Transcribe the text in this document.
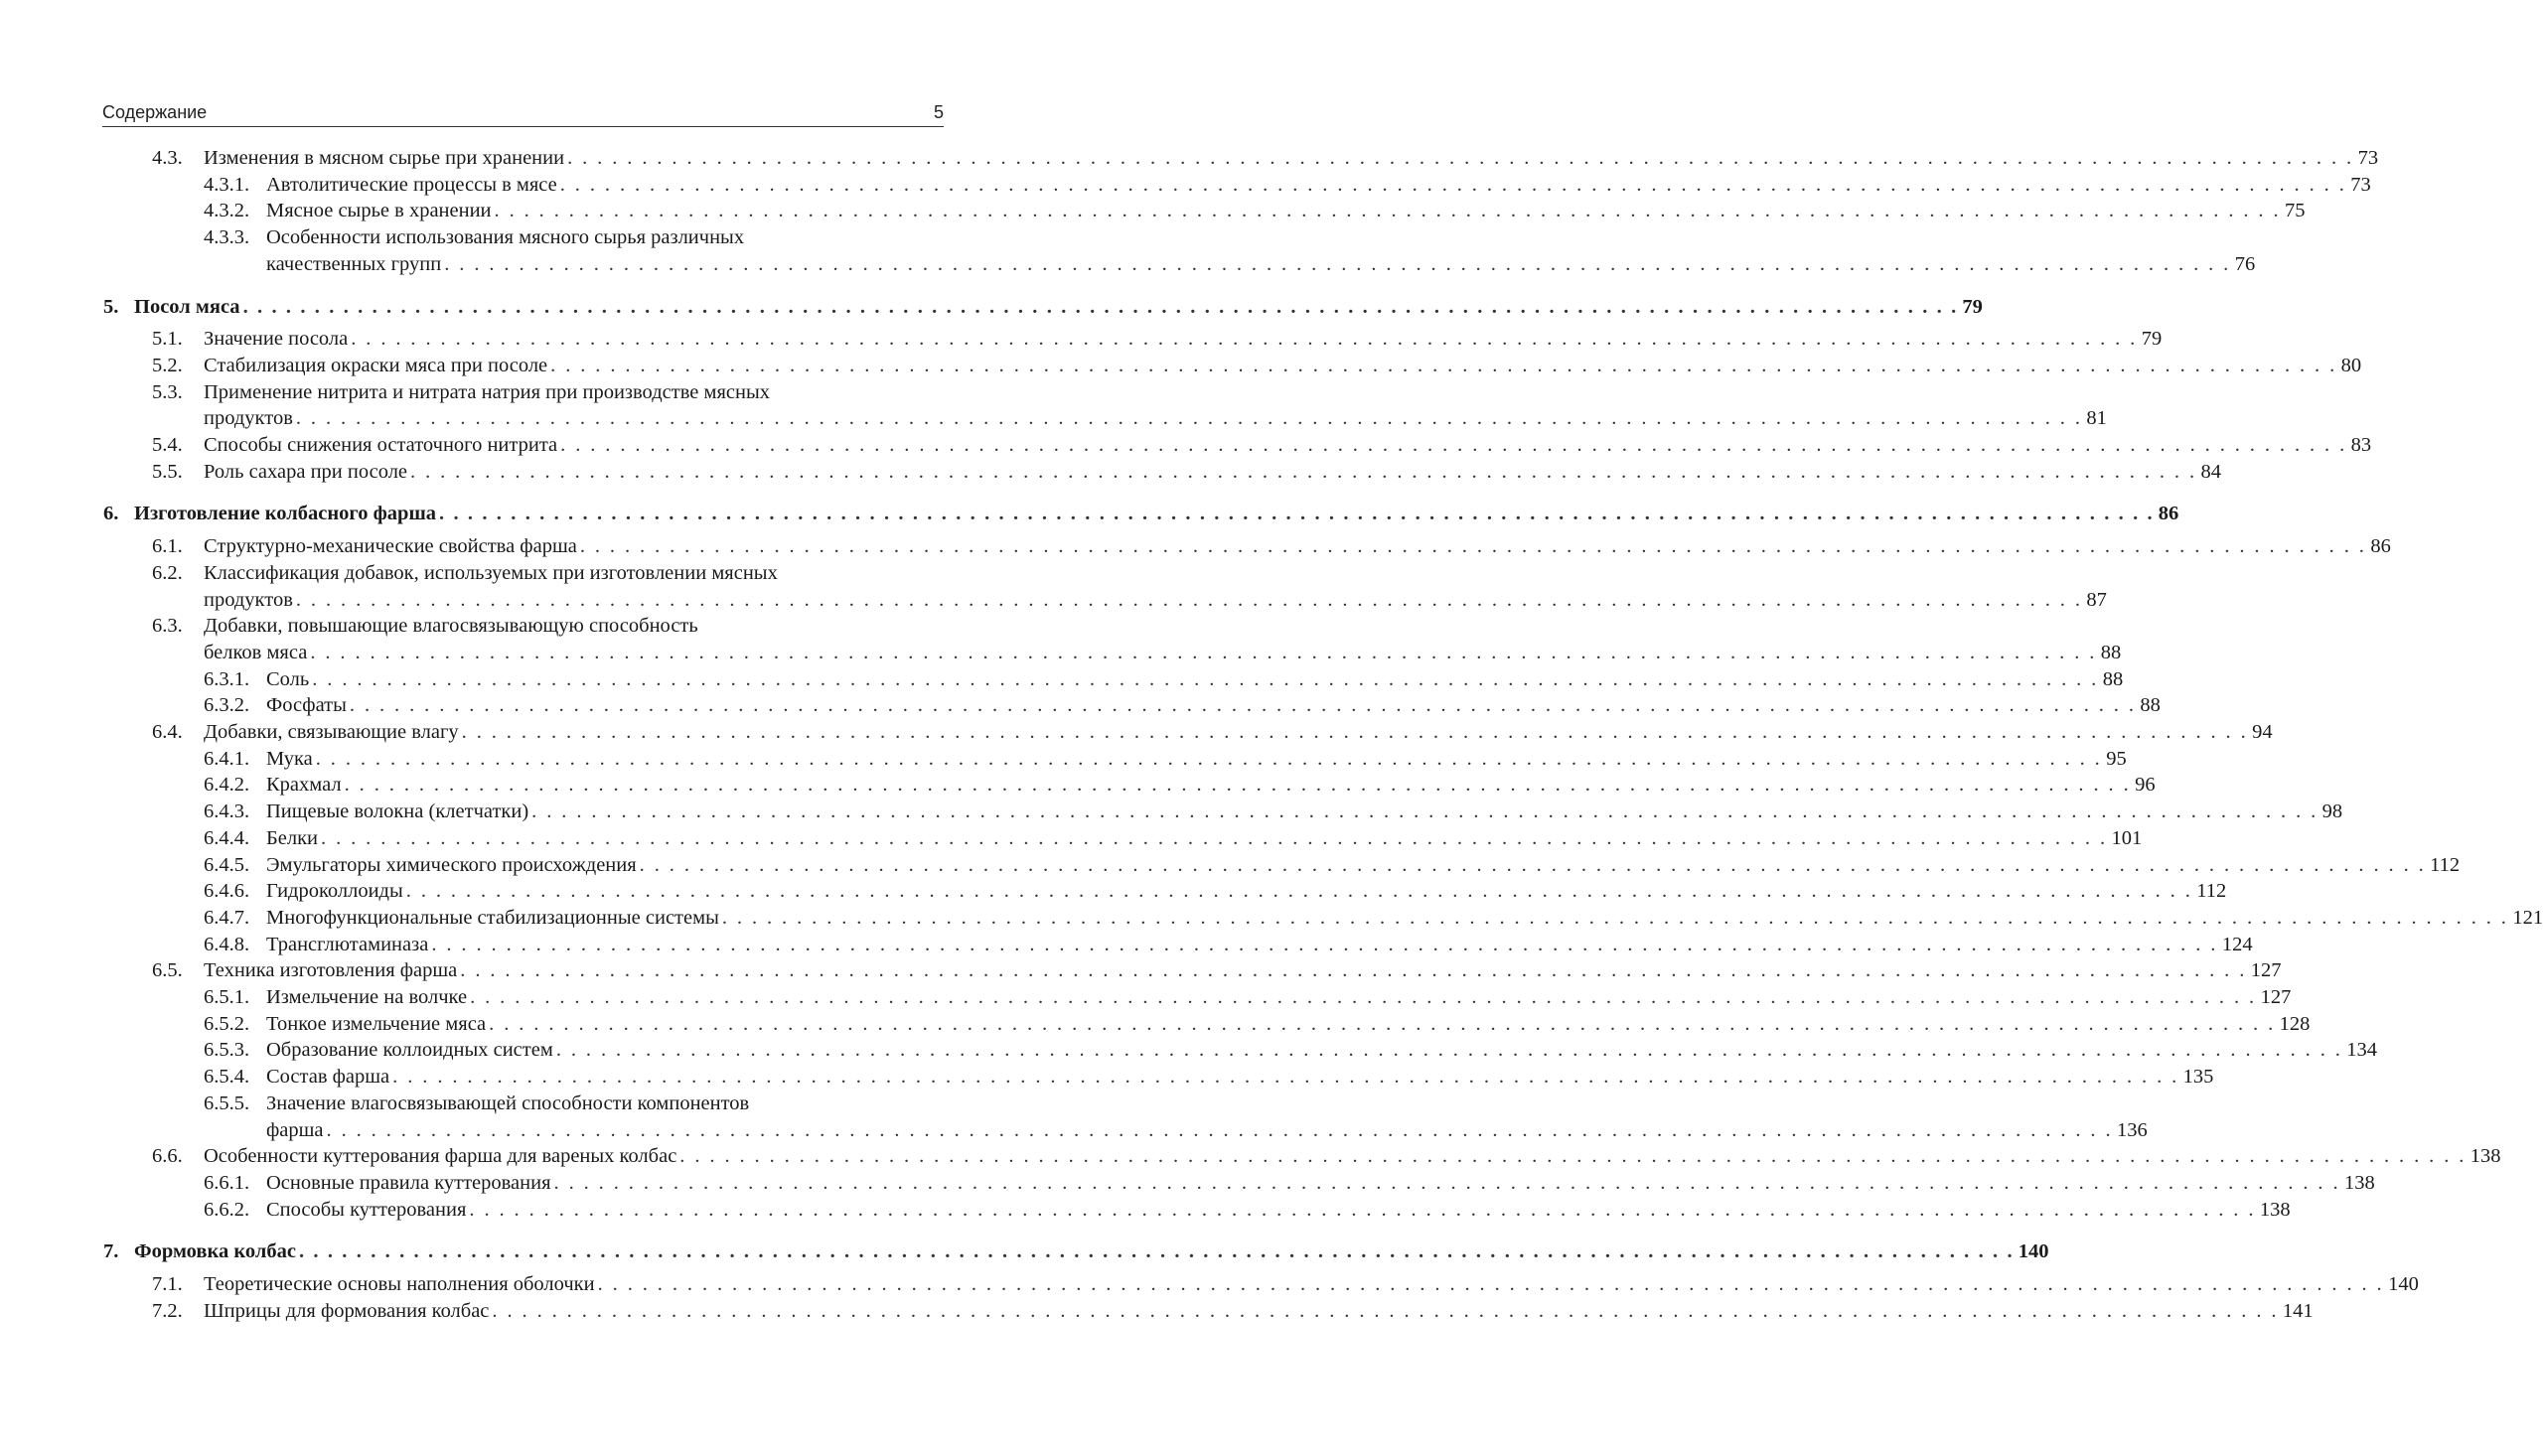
Содержание	5
4.3. Изменения в мясном сырье при хранении . . . . . . . . . . . . . . . . . . . . . . . . . . . . . . . . . . . . . . . . . . . . . . . . . . . . . . . . . . . . . . . . . . . . . . . . . . . . . . . . . . . . . . . . . . . . . . . . . . . . . . . . . . . . . . . . . . . . . . . . 73
4.3.1. Автолитические процессы в мясе . . . . . . . . . . . . . . . . . . . . . . . . . . . . . . . . . . . . . . . . . . . . . . . . . . . . . . . . . . . . . . . . . . . . . . . . . . . . . . . . . . . . . . . . . . . . . . . . . . . . . . . . . . . . . . . . . . . . . . . . 73
4.3.2. Мясное сырье в хранении . . . . . . . . . . . . . . . . . . . . . . . . . . . . . . . . . . . . . . . . . . . . . . . . . . . . . . . . . . . . . . . . . . . . . . . . . . . . . . . . . . . . . . . . . . . . . . . . . . . . . . . . . . . . . . . . . . . . . . . . 75
4.3.3. Особенности использования мясного сырья различных
качественных групп . . . . . . . . . . . . . . . . . . . . . . . . . . . . . . . . . . . . . . . . . . . . . . . . . . . . . . . . . . . . . . . . . . . . . . . . . . . . . . . . . . . . . . . . . . . . . . . . . . . . . . . . . . . . . . . . . . . . . . . . 76
5. Посол мяса . . . . . . . . . . . . . . . . . . . . . . . . . . . . . . . . . . . . . . . . . . . . . . . . . . . . . . . . . . . . . . . . . . . . . . . . . . . . . . . . . . . . . . . . . . . . . . . . . . . . . . . . . . . . . . . . . . . . . . . . 79
5.1. Значение посола . . . . . . . . . . . . . . . . . . . . . . . . . . . . . . . . . . . . . . . . . . . . . . . . . . . . . . . . . . . . . . . . . . . . . . . . . . . . . . . . . . . . . . . . . . . . . . . . . . . . . . . . . . . . . . . . . . . . . . . . 79
5.2. Стабилизация окраски мяса при посоле . . . . . . . . . . . . . . . . . . . . . . . . . . . . . . . . . . . . . . . . . . . . . . . . . . . . . . . . . . . . . . . . . . . . . . . . . . . . . . . . . . . . . . . . . . . . . . . . . . . . . . . . . . . . . . . . . . . . . . . . 80
5.3. Применение нитрита и нитрата натрия при производстве мясных
продуктов . . . . . . . . . . . . . . . . . . . . . . . . . . . . . . . . . . . . . . . . . . . . . . . . . . . . . . . . . . . . . . . . . . . . . . . . . . . . . . . . . . . . . . . . . . . . . . . . . . . . . . . . . . . . . . . . . . . . . . . . 81
5.4. Способы снижения остаточного нитрита . . . . . . . . . . . . . . . . . . . . . . . . . . . . . . . . . . . . . . . . . . . . . . . . . . . . . . . . . . . . . . . . . . . . . . . . . . . . . . . . . . . . . . . . . . . . . . . . . . . . . . . . . . . . . . . . . . . . . . . . 83
5.5. Роль сахара при посоле . . . . . . . . . . . . . . . . . . . . . . . . . . . . . . . . . . . . . . . . . . . . . . . . . . . . . . . . . . . . . . . . . . . . . . . . . . . . . . . . . . . . . . . . . . . . . . . . . . . . . . . . . . . . . . . . . . . . . . . . 84
6. Изготовление колбасного фарша . . . . . . . . . . . . . . . . . . . . . . . . . . . . . . . . . . . . . . . . . . . . . . . . . . . . . . . . . . . . . . . . . . . . . . . . . . . . . . . . . . . . . . . . . . . . . . . . . . . . . . . . . . . . . . . . . . . . . . . . 86
6.1. Структурно-механические свойства фарша . . . . . . . . . . . . . . . . . . . . . . . . . . . . . . . . . . . . . . . . . . . . . . . . . . . . . . . . . . . . . . . . . . . . . . . . . . . . . . . . . . . . . . . . . . . . . . . . . . . . . . . . . . . . . . . . . . . . . . . . 86
6.2. Классификация добавок, используемых при изготовлении мясных
продуктов . . . . . . . . . . . . . . . . . . . . . . . . . . . . . . . . . . . . . . . . . . . . . . . . . . . . . . . . . . . . . . . . . . . . . . . . . . . . . . . . . . . . . . . . . . . . . . . . . . . . . . . . . . . . . . . . . . . . . . . . 87
6.3. Добавки, повышающие влагосвязывающую способность
белков мяса . . . . . . . . . . . . . . . . . . . . . . . . . . . . . . . . . . . . . . . . . . . . . . . . . . . . . . . . . . . . . . . . . . . . . . . . . . . . . . . . . . . . . . . . . . . . . . . . . . . . . . . . . . . . . . . . . . . . . . . . 88
6.3.1. Соль . . . . . . . . . . . . . . . . . . . . . . . . . . . . . . . . . . . . . . . . . . . . . . . . . . . . . . . . . . . . . . . . . . . . . . . . . . . . . . . . . . . . . . . . . . . . . . . . . . . . . . . . . . . . . . . . . . . . . . . . 88
6.3.2. Фосфаты . . . . . . . . . . . . . . . . . . . . . . . . . . . . . . . . . . . . . . . . . . . . . . . . . . . . . . . . . . . . . . . . . . . . . . . . . . . . . . . . . . . . . . . . . . . . . . . . . . . . . . . . . . . . . . . . . . . . . . . . 88
6.4. Добавки, связывающие влагу . . . . . . . . . . . . . . . . . . . . . . . . . . . . . . . . . . . . . . . . . . . . . . . . . . . . . . . . . . . . . . . . . . . . . . . . . . . . . . . . . . . . . . . . . . . . . . . . . . . . . . . . . . . . . . . . . . . . . . . . 94
6.4.1. Мука . . . . . . . . . . . . . . . . . . . . . . . . . . . . . . . . . . . . . . . . . . . . . . . . . . . . . . . . . . . . . . . . . . . . . . . . . . . . . . . . . . . . . . . . . . . . . . . . . . . . . . . . . . . . . . . . . . . . . . . . 95
6.4.2. Крахмал . . . . . . . . . . . . . . . . . . . . . . . . . . . . . . . . . . . . . . . . . . . . . . . . . . . . . . . . . . . . . . . . . . . . . . . . . . . . . . . . . . . . . . . . . . . . . . . . . . . . . . . . . . . . . . . . . . . . . . . . 96
6.4.3. Пищевые волокна (клетчатки) . . . . . . . . . . . . . . . . . . . . . . . . . . . . . . . . . . . . . . . . . . . . . . . . . . . . . . . . . . . . . . . . . . . . . . . . . . . . . . . . . . . . . . . . . . . . . . . . . . . . . . . . . . . . . . . . . . . . . . . . 98
6.4.4. Белки . . . . . . . . . . . . . . . . . . . . . . . . . . . . . . . . . . . . . . . . . . . . . . . . . . . . . . . . . . . . . . . . . . . . . . . . . . . . . . . . . . . . . . . . . . . . . . . . . . . . . . . . . . . . . . . . . . . . . . . . 101
6.4.5. Эмульгаторы химического происхождения . . . . . . . . . . . . . . . . . . . . . . . . . . . . . . . . . . . . . . . . . . . . . . . . . . . . . . . . . . . . . . . . . . . . . . . . . . . . . . . . . . . . . . . . . . . . . . . . . . . . . . . . . . . . . . . . . . . . . . . . 112
6.4.6. Гидроколлоиды . . . . . . . . . . . . . . . . . . . . . . . . . . . . . . . . . . . . . . . . . . . . . . . . . . . . . . . . . . . . . . . . . . . . . . . . . . . . . . . . . . . . . . . . . . . . . . . . . . . . . . . . . . . . . . . . . . . . . . . . 112
6.4.7. Многофункциональные стабилизационные системы . . . . . . . . . . . . . . . . . . . . . . . . . . . . . . . . . . . . . . . . . . . . . . . . . . . . . . . . . . . . . . . . . . . . . . . . . . . . . . . . . . . . . . . . . . . . . . . . . . . . . . . . . . . . . . . . . . . . . . . . 121
6.4.8. Трансглютаминаза . . . . . . . . . . . . . . . . . . . . . . . . . . . . . . . . . . . . . . . . . . . . . . . . . . . . . . . . . . . . . . . . . . . . . . . . . . . . . . . . . . . . . . . . . . . . . . . . . . . . . . . . . . . . . . . . . . . . . . . . 124
6.5. Техника изготовления фарша . . . . . . . . . . . . . . . . . . . . . . . . . . . . . . . . . . . . . . . . . . . . . . . . . . . . . . . . . . . . . . . . . . . . . . . . . . . . . . . . . . . . . . . . . . . . . . . . . . . . . . . . . . . . . . . . . . . . . . . . 127
6.5.1. Измельчение на волчке . . . . . . . . . . . . . . . . . . . . . . . . . . . . . . . . . . . . . . . . . . . . . . . . . . . . . . . . . . . . . . . . . . . . . . . . . . . . . . . . . . . . . . . . . . . . . . . . . . . . . . . . . . . . . . . . . . . . . . . . 127
6.5.2. Тонкое измельчение мяса . . . . . . . . . . . . . . . . . . . . . . . . . . . . . . . . . . . . . . . . . . . . . . . . . . . . . . . . . . . . . . . . . . . . . . . . . . . . . . . . . . . . . . . . . . . . . . . . . . . . . . . . . . . . . . . . . . . . . . . . 128
6.5.3. Образование коллоидных систем . . . . . . . . . . . . . . . . . . . . . . . . . . . . . . . . . . . . . . . . . . . . . . . . . . . . . . . . . . . . . . . . . . . . . . . . . . . . . . . . . . . . . . . . . . . . . . . . . . . . . . . . . . . . . . . . . . . . . . . . 134
6.5.4. Состав фарша . . . . . . . . . . . . . . . . . . . . . . . . . . . . . . . . . . . . . . . . . . . . . . . . . . . . . . . . . . . . . . . . . . . . . . . . . . . . . . . . . . . . . . . . . . . . . . . . . . . . . . . . . . . . . . . . . . . . . . . . 135
6.5.5. Значение влагосвязывающей способности компонентов
фарша . . . . . . . . . . . . . . . . . . . . . . . . . . . . . . . . . . . . . . . . . . . . . . . . . . . . . . . . . . . . . . . . . . . . . . . . . . . . . . . . . . . . . . . . . . . . . . . . . . . . . . . . . . . . . . . . . . . . . . . . 136
6.6. Особенности куттерования фарша для вареных колбас . . . . . . . . . . . . . . . . . . . . . . . . . . . . . . . . . . . . . . . . . . . . . . . . . . . . . . . . . . . . . . . . . . . . . . . . . . . . . . . . . . . . . . . . . . . . . . . . . . . . . . . . . . . . . . . . . . . . . . . . 138
6.6.1. Основные правила куттерования . . . . . . . . . . . . . . . . . . . . . . . . . . . . . . . . . . . . . . . . . . . . . . . . . . . . . . . . . . . . . . . . . . . . . . . . . . . . . . . . . . . . . . . . . . . . . . . . . . . . . . . . . . . . . . . . . . . . . . . . 138
6.6.2. Способы куттерования . . . . . . . . . . . . . . . . . . . . . . . . . . . . . . . . . . . . . . . . . . . . . . . . . . . . . . . . . . . . . . . . . . . . . . . . . . . . . . . . . . . . . . . . . . . . . . . . . . . . . . . . . . . . . . . . . . . . . . . . 138
7. Формовка колбас . . . . . . . . . . . . . . . . . . . . . . . . . . . . . . . . . . . . . . . . . . . . . . . . . . . . . . . . . . . . . . . . . . . . . . . . . . . . . . . . . . . . . . . . . . . . . . . . . . . . . . . . . . . . . . . . . . . . . . . . 140
7.1. Теоретические основы наполнения оболочки . . . . . . . . . . . . . . . . . . . . . . . . . . . . . . . . . . . . . . . . . . . . . . . . . . . . . . . . . . . . . . . . . . . . . . . . . . . . . . . . . . . . . . . . . . . . . . . . . . . . . . . . . . . . . . . . . . . . . . . . 140
7.2. Шприцы для формования колбас . . . . . . . . . . . . . . . . . . . . . . . . . . . . . . . . . . . . . . . . . . . . . . . . . . . . . . . . . . . . . . . . . . . . . . . . . . . . . . . . . . . . . . . . . . . . . . . . . . . . . . . . . . . . . . . . . . . . . . . . 141
